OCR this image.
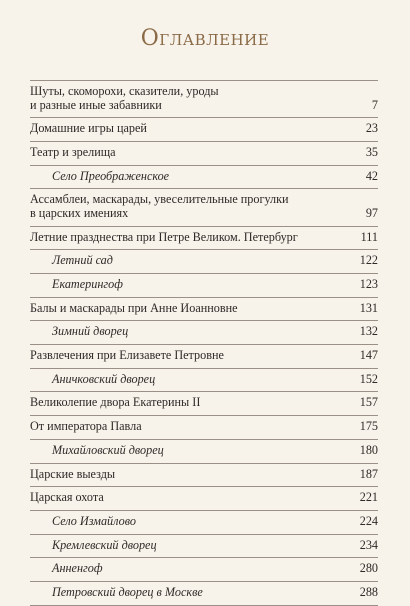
Оглавление
Шуты, скоморохи, сказители, уроды
и разные иные забавники	7
Домашние игры царей	23
Театр и зрелища	35
Село Преображенское	42
Ассамблеи, маскарады, увеселительные прогулки
в царских имениях	97
Летние празднества при Петре Великом. Петербург	111
Летний сад	122
Екатерингоф	123
Балы и маскарады при Анне Иоанновне	131
Зимний дворец	132
Развлечения при Елизавете Петровне	147
Аничковский дворец	152
Великолепие двора Екатерины II	157
От императора Павла	175
Михайловский дворец	180
Царские выезды	187
Царская охота	221
Село Измайлово	224
Кремлевский дворец	234
Анненгоф	280
Петровский дворец в Москве	288
